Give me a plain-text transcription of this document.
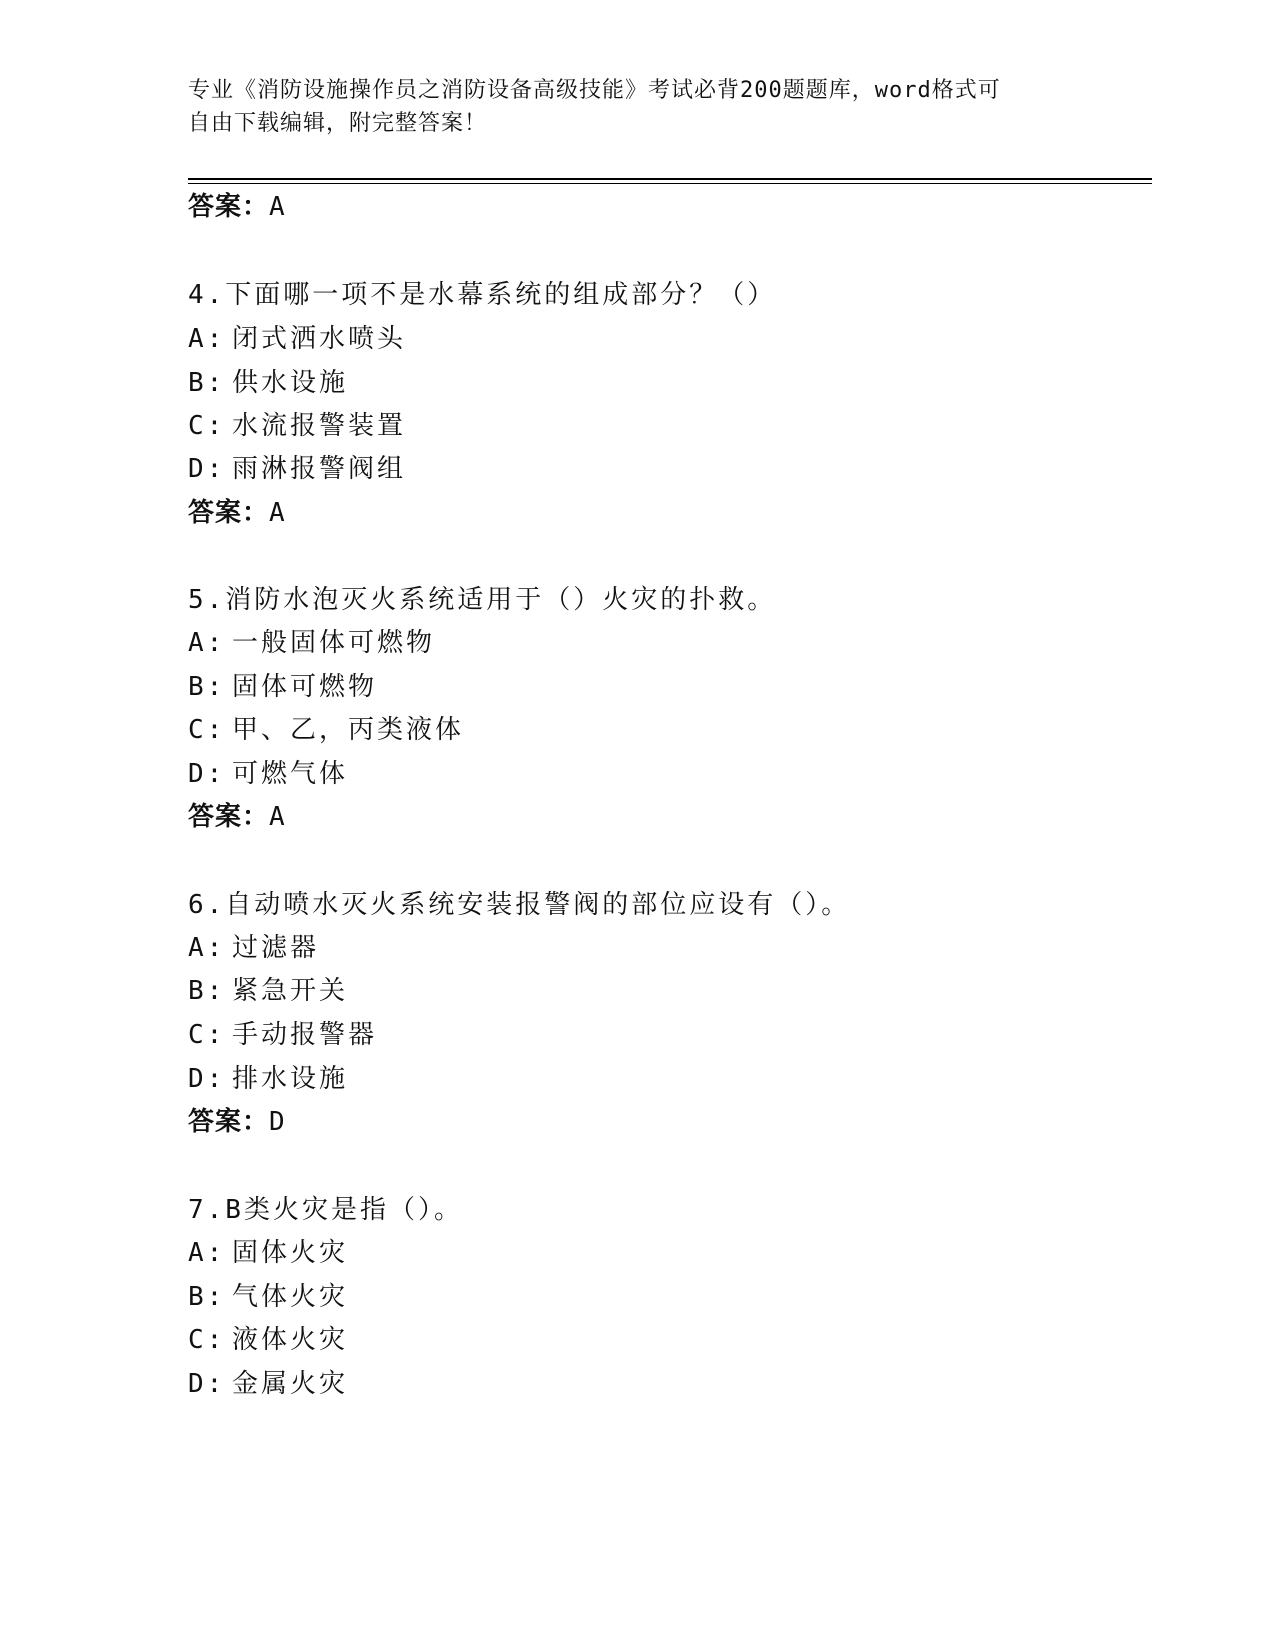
专业《消防设施操作员之消防设备高级技能》考试必背200题题库，word格式可
自由下载编辑，附完整答案！
答案：A
4.下面哪一项不是水幕系统的组成部分？（）
A: 闭式洒水喷头
B: 供水设施
C: 水流报警装置
D: 雨淋报警阀组
答案：A
5.消防水泡灭火系统适用于（）火灾的扑救。
A: 一般固体可燃物
B: 固体可燃物
C: 甲、乙，丙类液体
D: 可燃气体
答案：A
6.自动喷水灭火系统安装报警阀的部位应设有（）。
A: 过滤器
B: 紧急开关
C: 手动报警器
D: 排水设施
答案：D
7.B类火灾是指（）。
A: 固体火灾
B: 气体火灾
C: 液体火灾
D: 金属火灾
